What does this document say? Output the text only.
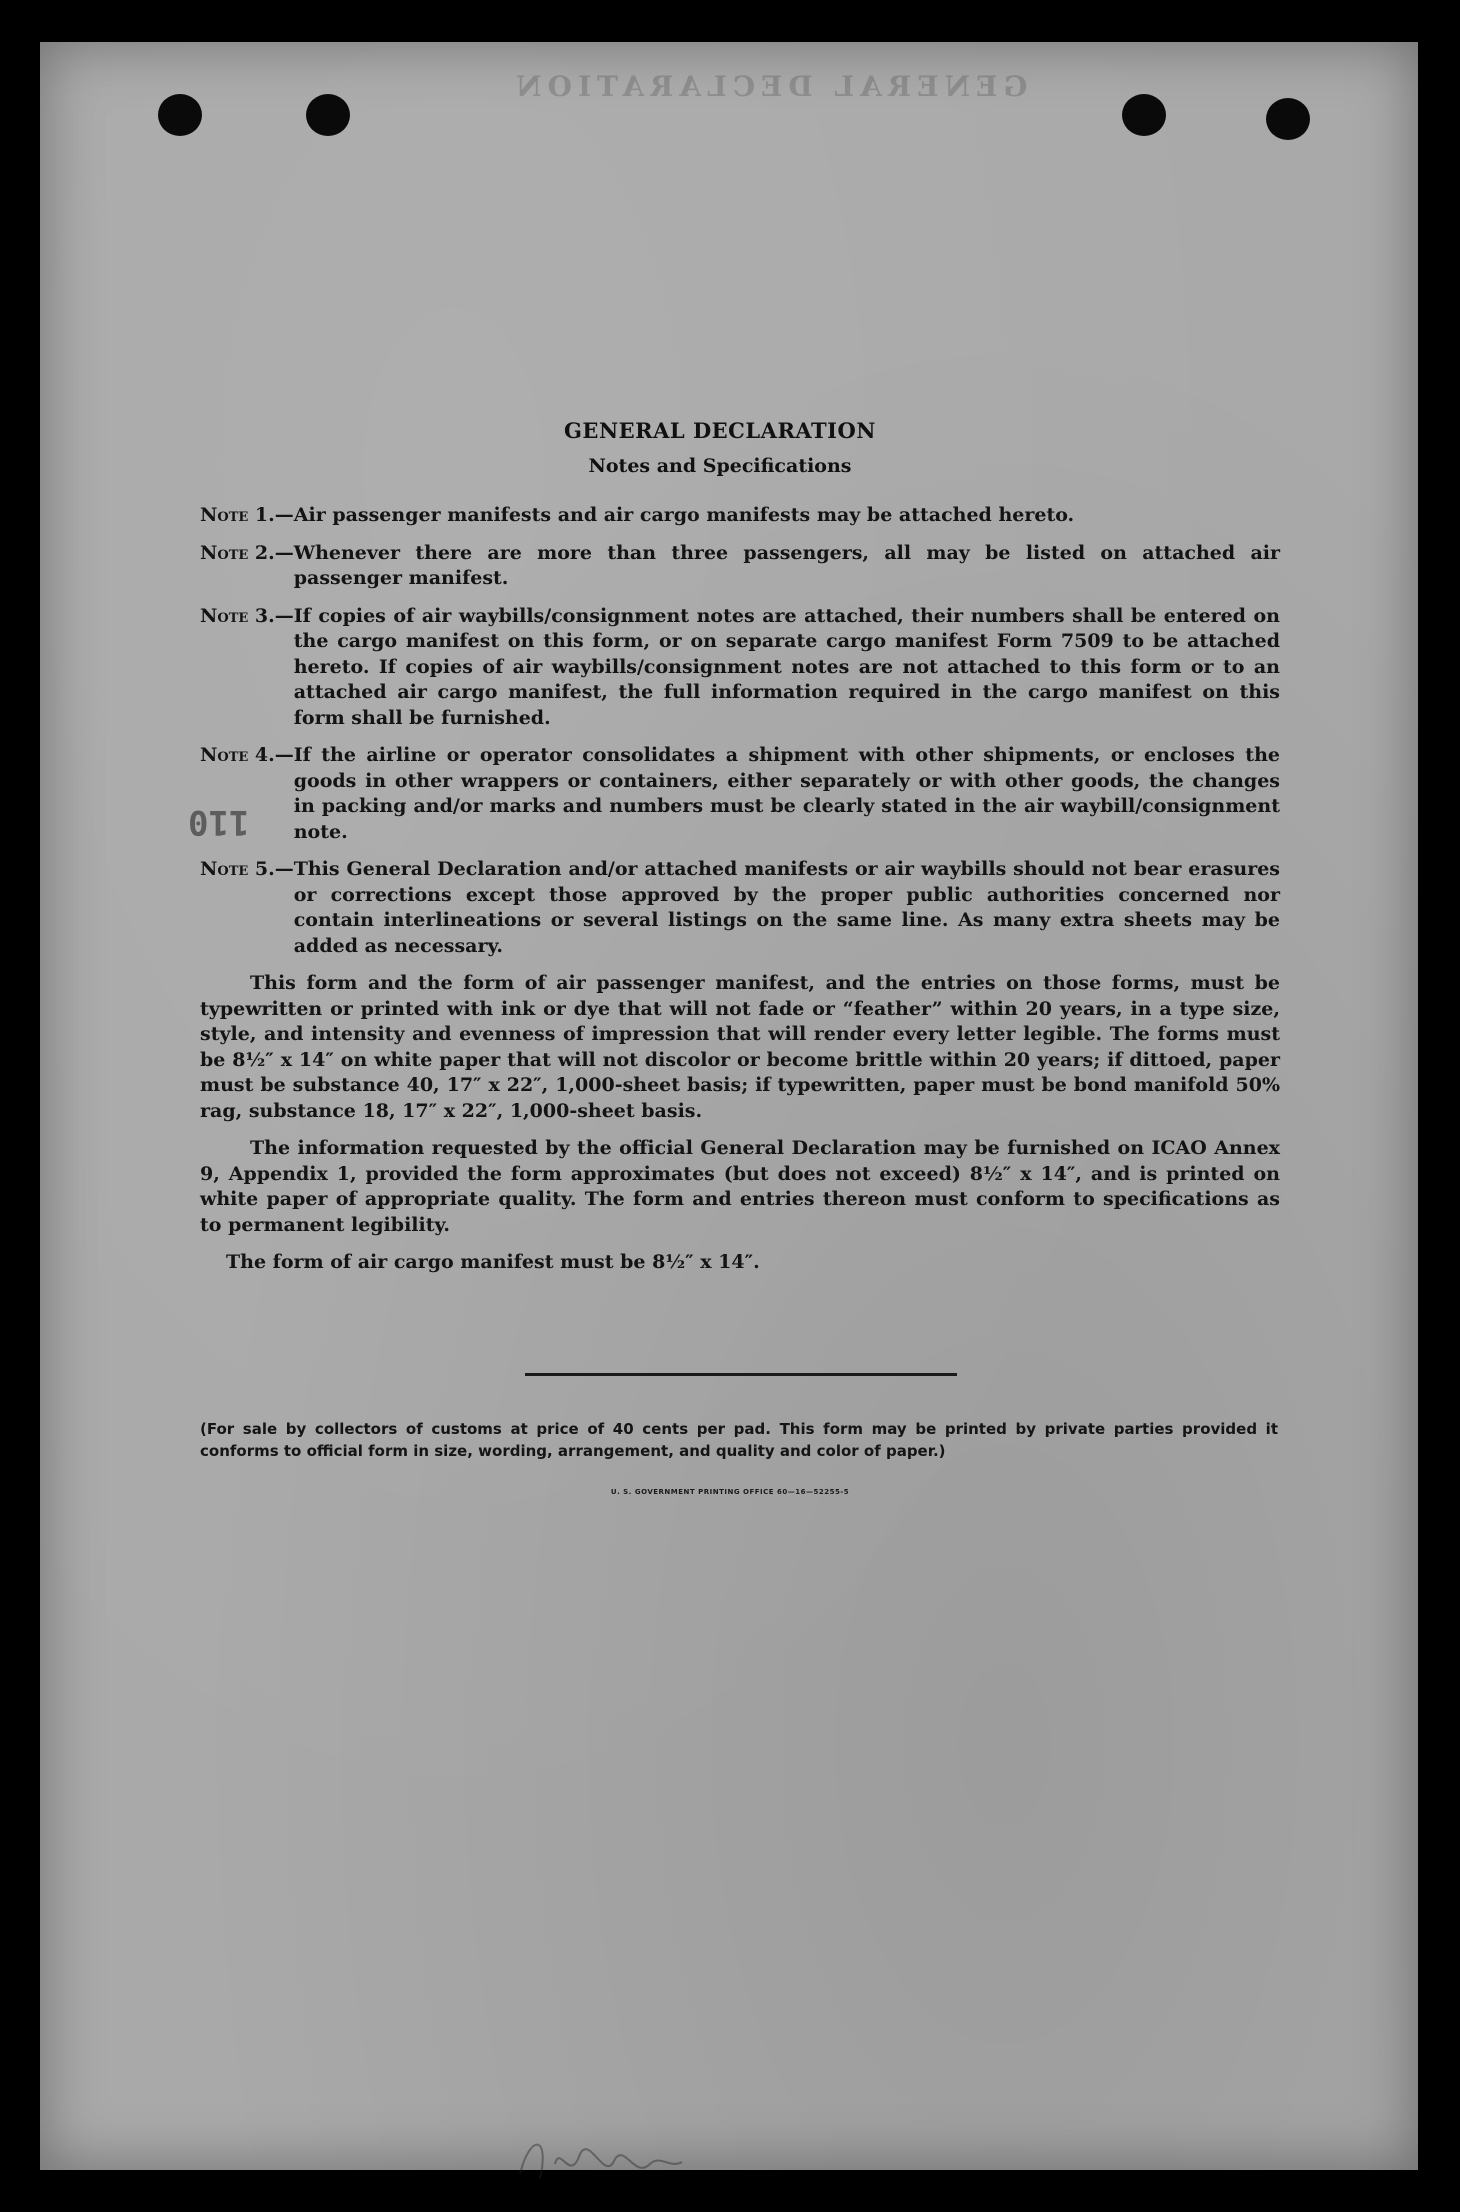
GENERAL DECLARATION
110
GENERAL DECLARATION
Notes and Specifications
Note 1.— Air passenger manifests and air cargo manifests may be attached hereto.
Note 2.— Whenever there are more than three passengers, all may be listed on attached air passenger manifest.
Note 3.— If copies of air waybills/consignment notes are attached, their numbers shall be entered on the cargo manifest on this form, or on separate cargo manifest Form 7509 to be attached hereto. If copies of air waybills/consignment notes are not attached to this form or to an attached air cargo manifest, the full information required in the cargo manifest on this form shall be furnished.
Note 4.— If the airline or operator consolidates a shipment with other shipments, or encloses the goods in other wrappers or containers, either separately or with other goods, the changes in packing and/or marks and numbers must be clearly stated in the air waybill/consignment note.
Note 5.— This General Declaration and/or attached manifests or air waybills should not bear erasures or corrections except those approved by the proper public authorities concerned nor contain interlineations or several listings on the same line. As many extra sheets may be added as necessary.
This form and the form of air passenger manifest, and the entries on those forms, must be typewritten or printed with ink or dye that will not fade or “feather” within 20 years, in a type size, style, and intensity and evenness of impression that will render every letter legible. The forms must be 8½″ x 14″ on white paper that will not discolor or become brittle within 20 years; if dittoed, paper must be substance 40, 17″ x 22″, 1,000-sheet basis; if typewritten, paper must be bond manifold 50% rag, substance 18, 17″ x 22″, 1,000-sheet basis.
The information requested by the official General Declaration may be furnished on ICAO Annex 9, Appendix 1, provided the form approximates (but does not exceed) 8½″ x 14″, and is printed on white paper of appropriate quality. The form and entries thereon must conform to specifications as to permanent legibility.
The form of air cargo manifest must be 8½″ x 14″.
(For sale by collectors of customs at price of 40 cents per pad. This form may be printed by private parties provided it conforms to official form in size, wording, arrangement, and quality and color of paper.)
U. S. GOVERNMENT PRINTING OFFICE 60—16—52255-5
